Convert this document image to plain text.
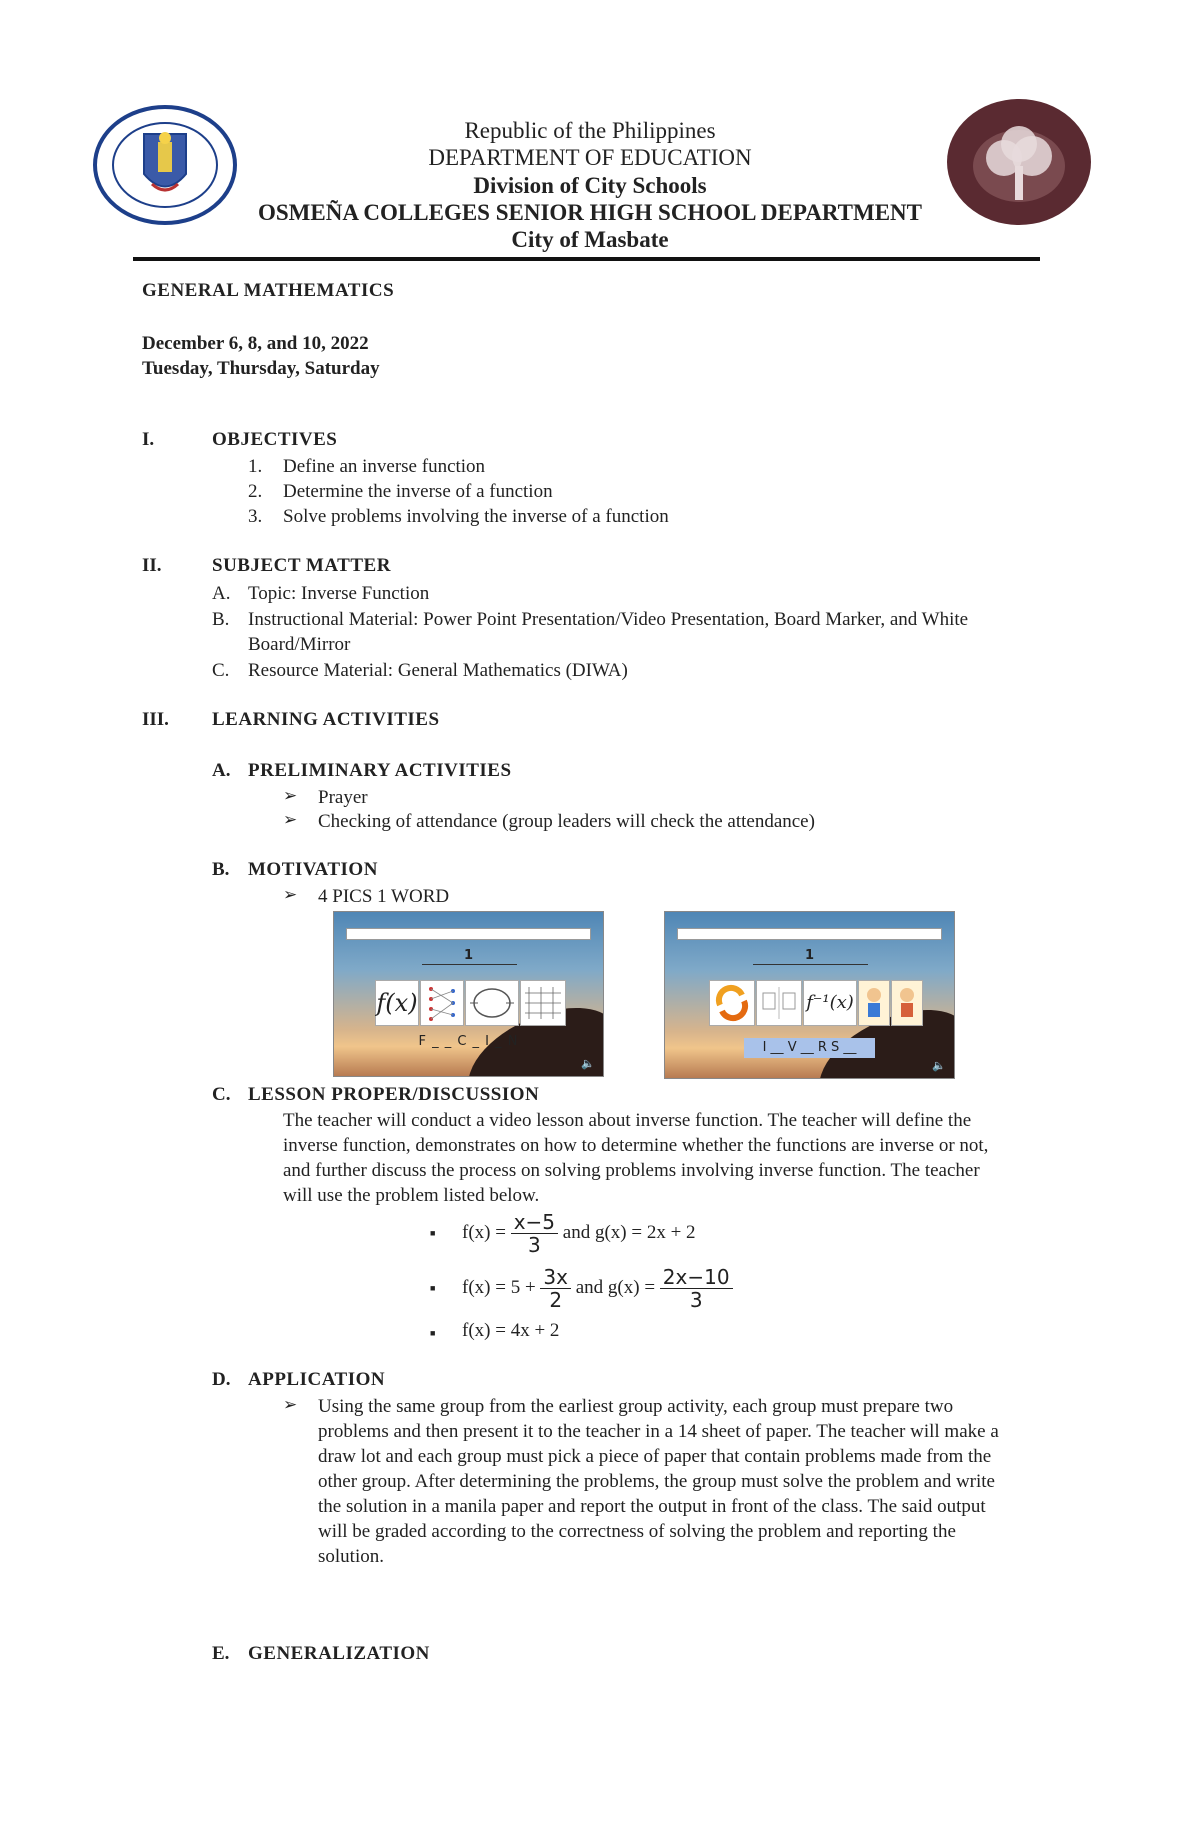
Republic of the Philippines
DEPARTMENT OF EDUCATION
Division of City Schools
OSMEÑA COLLEGES SENIOR HIGH SCHOOL DEPARTMENT
City of Masbate
GENERAL MATHEMATICS
December 6, 8, and 10, 2022
Tuesday, Thursday, Saturday
I.	OBJECTIVES
1. Define an inverse function
2. Determine the inverse of a function
3. Solve problems involving the inverse of a function
II.	SUBJECT MATTER
A. Topic: Inverse Function
B. Instructional Material: Power Point Presentation/Video Presentation, Board Marker, and White
Board/Mirror
C. Resource Material: General Mathematics (DIWA)
III. LEARNING ACTIVITIES
A. PRELIMINARY ACTIVITIES
➢ Prayer
➢ Checking of attendance (group leaders will check the attendance)
B. MOTIVATION
➢ 4 PICS 1 WORD
1
f(x)
F _ _ C _ I _ N
🔈
1
f⁻¹(x)
I __ V __ R S __
🔈
C. LESSON PROPER/DISCUSSION
The teacher will conduct a video lesson about inverse function. The teacher will define the
inverse function, demonstrates on how to determine whether the functions are inverse or not,
and further discuss the process on solving problems involving inverse function. The teacher
will use the problem listed below.
■ $f(x) = \frac{x-5}{3}$ and g(x) = 2x + 2
■ $f(x) = 5 + \frac{3x}{2}$ and $g(x) = \frac{2x-10}{3}$
■ f(x) = 4x + 2
D. APPLICATION
➢ Using the same group from the earliest group activity, each group must prepare two
problems and then present it to the teacher in a 14 sheet of paper. The teacher will make a
draw lot and each group must pick a piece of paper that contain problems made from the
other group. After determining the problems, the group must solve the problem and write
the solution in a manila paper and report the output in front of the class. The said output
will be graded according to the correctness of solving the problem and reporting the
solution.
E. GENERALIZATION
